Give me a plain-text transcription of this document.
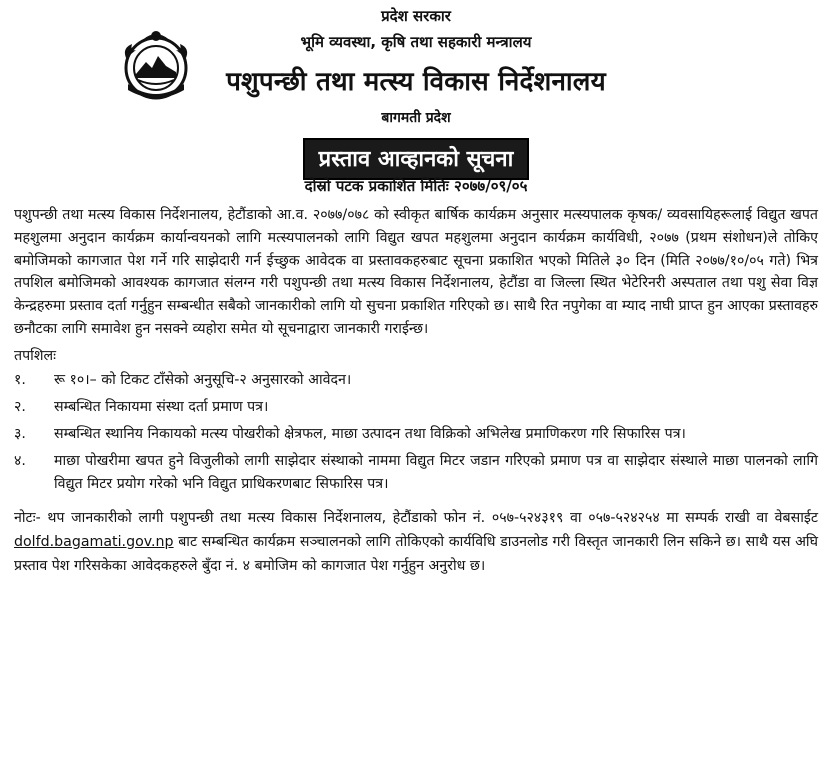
प्रदेश सरकार
भूमि व्यवस्था, कृषि तथा सहकारी मन्त्रालय
पशुपन्छी तथा मत्स्य विकास निर्देशनालय
बागमती प्रदेश
प्रस्ताव आव्हानको सूचना
दोस्रो पटक प्रकाशित मितिः २०७७/०९/०५

पशुपन्छी तथा मत्स्य विकास निर्देशनालय, हेटौंडाको आ.व. २०७७/०७८ को स्वीकृत बार्षिक कार्यक्रम अनुसार मत्स्यपालक कृषक/ व्यवसायिहरूलाई विद्युत खपत महशुलमा अनुदान कार्यक्रम कार्यान्वयनको लागि मत्स्यपालनको लागि विद्युत खपत महशुलमा अनुदान कार्यक्रम कार्यविधी, २०७७ (प्रथम संशोधन)ले तोकिए बमोजिमको कागजात पेश गर्ने गरि साझेदारी गर्न ईच्छुक आवेदक वा प्रस्तावकहरुबाट सूचना प्रकाशित भएको मितिले ३० दिन (मिति २०७७/१०/०५ गते) भित्र तपशिल बमोजिमको आवश्यक कागजात संलग्न गरी पशुपन्छी तथा मत्स्य विकास निर्देशनालय, हेटौंडा वा जिल्ला स्थित भेटेरिनरी अस्पताल तथा पशु सेवा विज्ञ केन्द्रहरुमा प्रस्ताव दर्ता गर्नुहुन सम्बन्धीत सबैको जानकारीको लागि यो सुचना प्रकाशित गरिएको छ। साथै रित नपुगेका वा म्याद नाघी प्राप्त हुन आएका प्रस्तावहरु छनौटका लागि समावेश हुन नसक्ने व्यहोरा समेत यो सूचनाद्वारा जानकारी गराईन्छ।

तपशिलः
१.	रू १०।– को टिकट टाँसेको अनुसूचि-२ अनुसारको आवेदन।
२.	सम्बन्धित निकायमा संस्था दर्ता प्रमाण पत्र।
३.	सम्बन्धित स्थानिय निकायको मत्स्य पोखरीको क्षेत्रफल, माछा उत्पादन तथा विक्रिको अभिलेख प्रमाणिकरण गरि सिफारिस पत्र।
४.	माछा पोखरीमा खपत हुने विजुलीको लागी साझेदार संस्थाको नाममा विद्युत मिटर जडान गरिएको प्रमाण पत्र वा साझेदार संस्थाले माछा पालनको लागि विद्युत मिटर प्रयोग गरेको भनि विद्युत प्राधिकरणबाट सिफारिस पत्र।
नोटः- थप जानकारीको लागी पशुपन्छी तथा मत्स्य विकास निर्देशनालय, हेटौंडाको फोन नं. ०५७-५२४३१९ वा ०५७-५२४२५४ मा सम्पर्क राखी वा वेबसाईट dolfd.bagamati.gov.np बाट सम्बन्धित कार्यक्रम सञ्चालनको लागि तोकिएको कार्यविधि डाउनलोड गरी विस्तृत जानकारी लिन सकिने छ। साथै यस अघि प्रस्ताव पेश गरिसकेका आवेदकहरुले बुँदा नं. ४ बमोजिम को कागजात पेश गर्नुहुन अनुरोध छ।
